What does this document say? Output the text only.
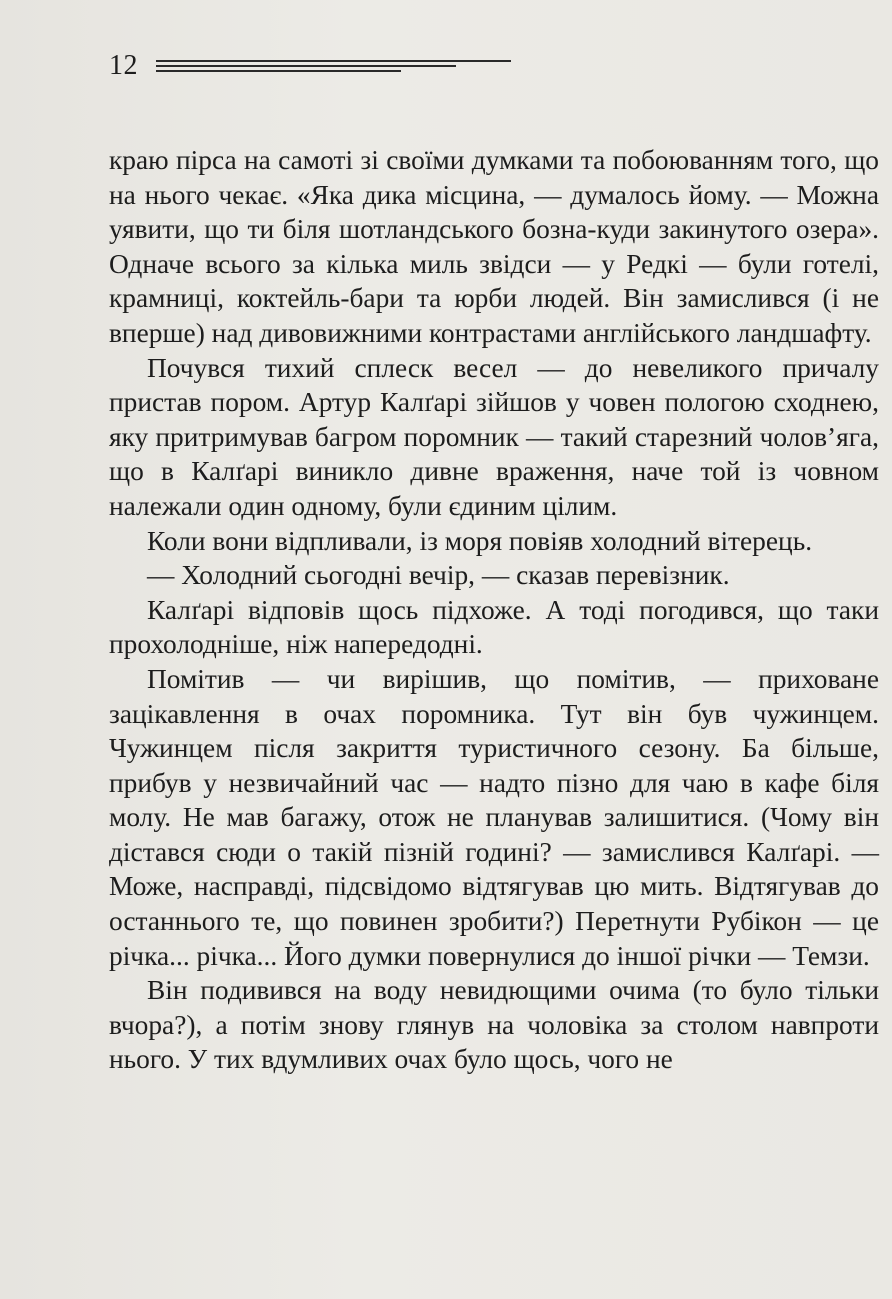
12

краю пірса на самоті зі своїми думками та побоюванням того, що на нього чекає. «Яка дика місцина, — думалось йому. — Можна уявити, що ти біля шотландського бозна-куди закинутого озера». Одначе всього за кілька миль звідси — у Редкі — були готелі, крамниці, коктейль-бари та юрби людей. Він замислився (і не вперше) над дивовижними контрастами англійського ландшафту.

Почувся тихий сплеск весел — до невеликого причалу пристав пором. Артур Калґарі зійшов у човен пологою сходнею, яку притримував багром поромник — такий старезний чолов’яга, що в Калґарі виникло дивне враження, наче той із човном належали один одному, були єдиним цілим.

Коли вони відпливали, із моря повіяв холодний вітерець.

— Холодний сьогодні вечір, — сказав перевізник.

Калґарі відповів щось підхоже. А тоді погодився, що таки прохолодніше, ніж напередодні.

Помітив — чи вирішив, що помітив, — приховане зацікавлення в очах поромника. Тут він був чужинцем. Чужинцем після закриття туристичного сезону. Ба більше, прибув у незвичайний час — надто пізно для чаю в кафе біля молу. Не мав багажу, отож не планував залишитися. (Чому він дістався сюди о такій пізній годині? — замислився Калґарі. — Може, насправді, підсвідомо відтягував цю мить. Відтягував до останнього те, що повинен зробити?) Перетнути Рубікон — це річка... річка... Його думки повернулися до іншої річки — Темзи.

Він подивився на воду невидющими очима (то було тільки вчора?), а потім знову глянув на чоловіка за столом навпроти нього. У тих вдумливих очах було щось, чого не
